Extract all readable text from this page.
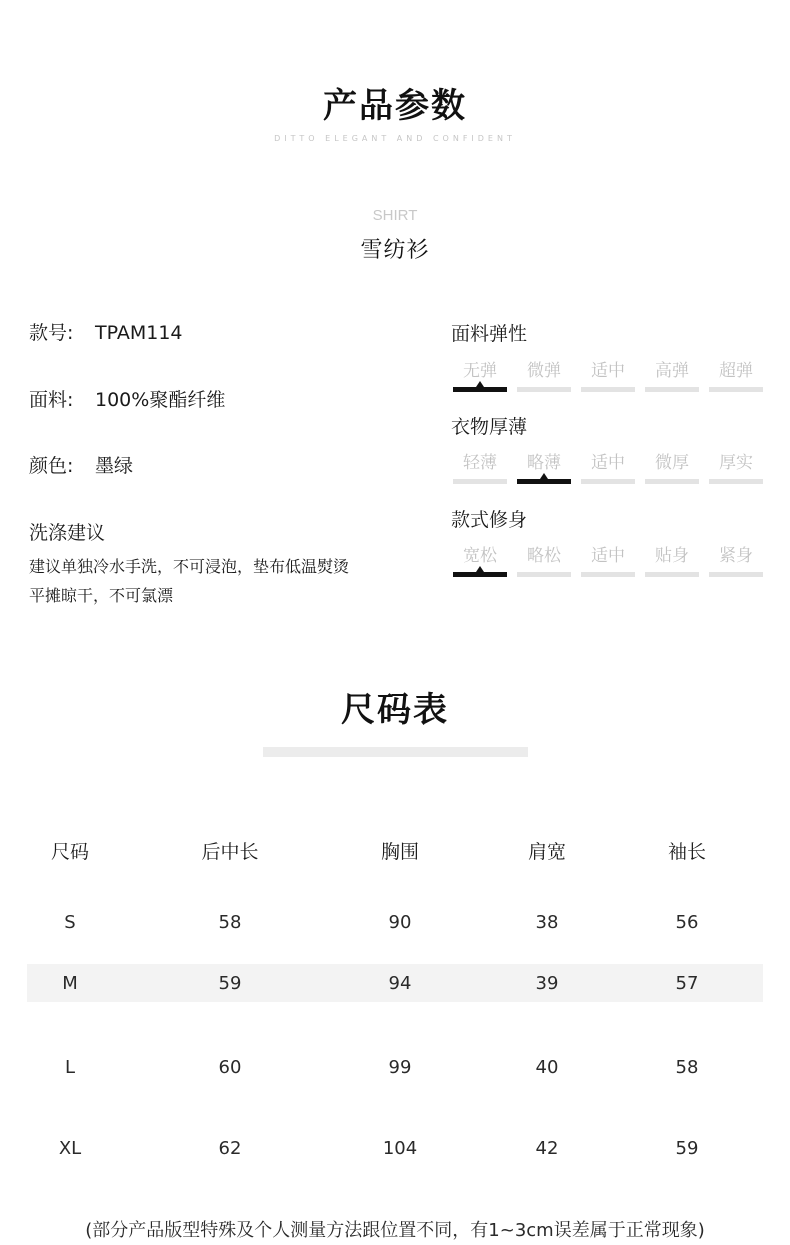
产品参数
DITTO ELEGANT AND CONFIDENT
SHIRT
雪纺衫
款号: TPAM114
面料: 100%聚酯纤维
颜色: 墨绿
洗涤建议
建议单独冷水手洗，不可浸泡，垫布低温熨烫
平摊晾干，不可氯漂
面料弹性
无弹	微弹	适中	高弹	超弹
衣物厚薄
轻薄	略薄	适中	微厚	厚实
款式修身
宽松	略松	适中	贴身	紧身
尺码表
尺码	后中长	胸围	肩宽	袖长
S	58	90	38	56
M	59	94	39	57
L	60	99	40	58
XL	62	104	42	59
(部分产品版型特殊及个人测量方法跟位置不同，有1~3cm误差属于正常现象)
